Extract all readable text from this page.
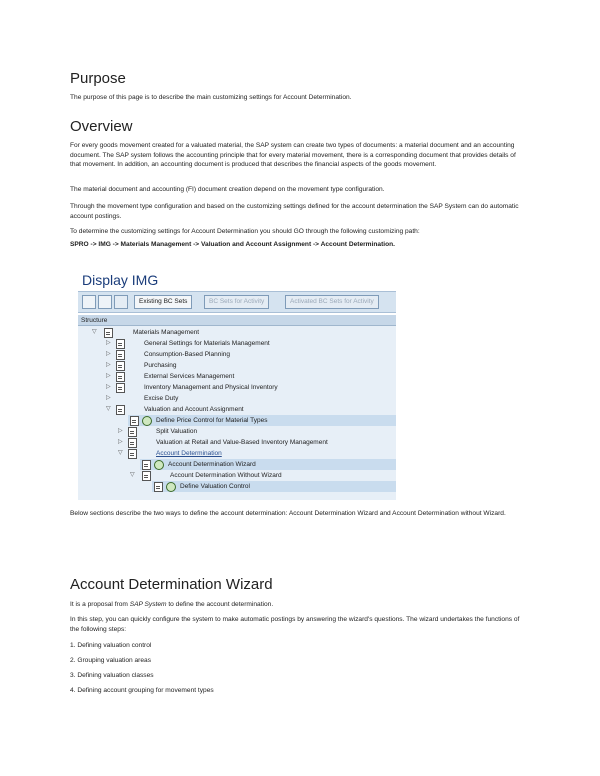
Purpose

The purpose of this page is to describe the main customizing settings for Account Determination.

Overview

For every goods movement created for a valuated material, the SAP system can create two types of documents: a material document and an accounting document. The SAP system follows the accounting principle that for every material movement, there is a corresponding document that provides details of that movement. In addition, an accounting document is produced that describes the financial aspects of the goods movement.

The material document and accounting (FI) document creation depend on the movement type configuration.

Through the movement type configuration and based on the customizing settings defined for the account determination the SAP System can do automatic account postings.

To determine the customizing settings for Account Determination you should GO through the following customizing path:

SPRO -> IMG -> Materials Management -> Valuation and Account Assignment -> Account Determination.

Below sections describe the two ways to define the account determination: Account Determination Wizard and Account Determination without Wizard.

Account Determination Wizard

It is a proposal from SAP System to define the account determination.

In this step, you can quickly configure the system to make automatic postings by answering the wizard's questions. The wizard undertakes the functions of the following steps:

1. Defining valuation control

2. Grouping valuation areas

3. Defining valuation classes

4. Defining account grouping for movement types

Display IMG
Existing BC Sets	BC Sets for Activity	Activated BC Sets for Activity
Structure
▽	Materials Management
▷	General Settings for Materials Management
▷	Consumption-Based Planning
▷	Purchasing
▷	External Services Management
▷	Inventory Management and Physical Inventory
▷	Excise Duty
▽	Valuation and Account Assignment
Define Price Control for Material Types
▷	Split Valuation
▷	Valuation at Retail and Value-Based Inventory Management
▽	Account Determination
Account Determination Wizard
▽	Account Determination Without Wizard
Define Valuation Control
